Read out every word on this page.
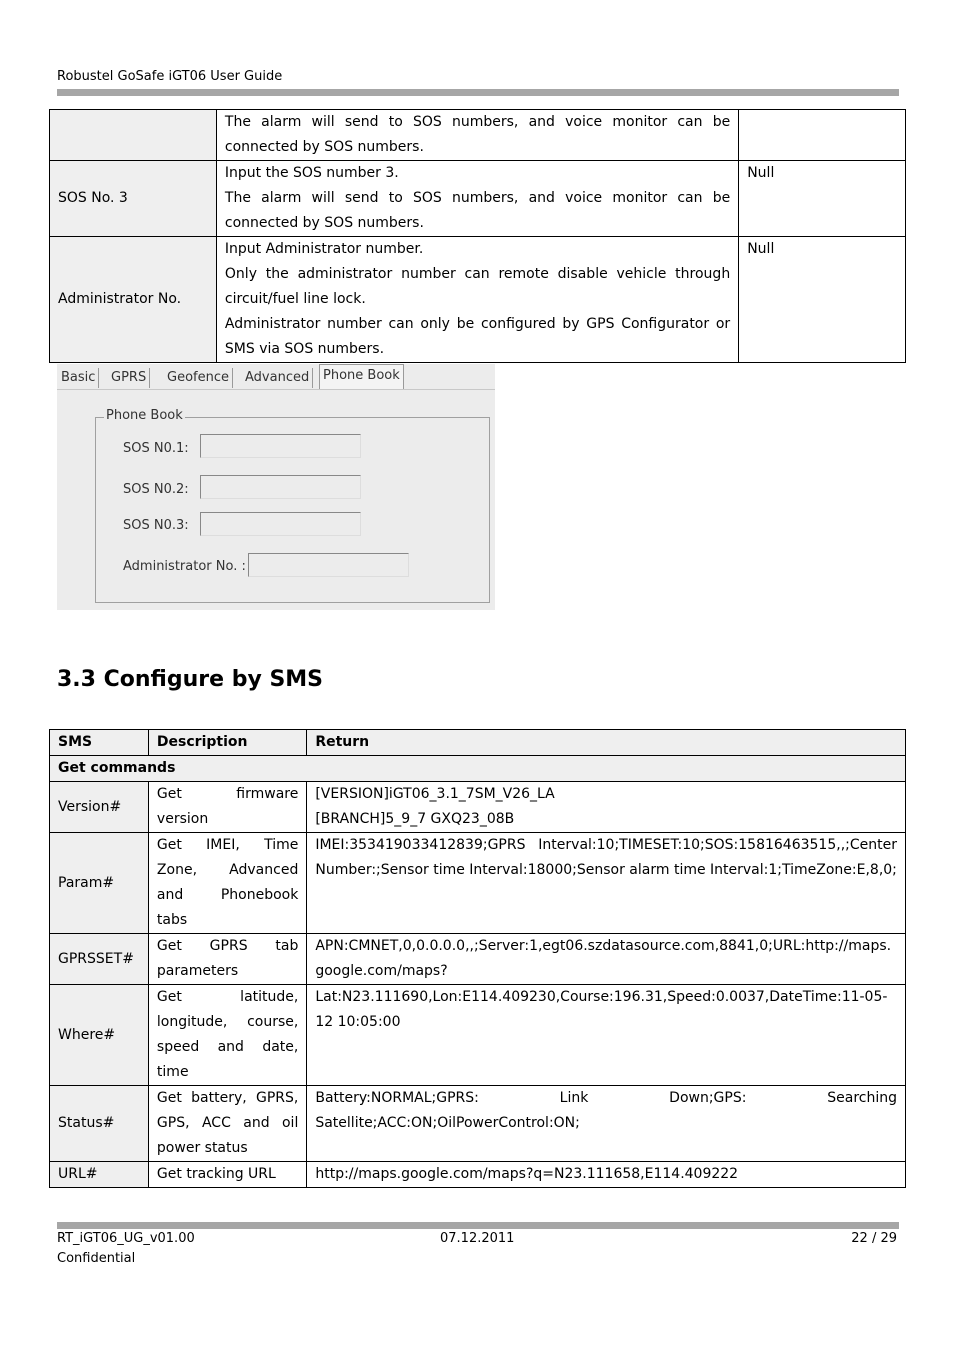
Robustel GoSafe iGT06 User Guide
	The alarm will send to SOS numbers, and voice monitor can be connected by SOS numbers.	
SOS No. 3	Input the SOS number 3.
The alarm will send to SOS numbers, and voice monitor can be connected by SOS numbers.	Null
Administrator No.	Input Administrator number.
Only the administrator number can remote disable vehicle through circuit/fuel line lock.
Administrator number can only be configured by GPS Configurator or SMS via SOS numbers.	Null
Basic	GPRS	Geofence	Advanced	Phone Book
Phone Book
SOS N0.1:
SOS N0.2:
SOS N0.3:
Administrator No. :
3.3 Configure by SMS
SMS	Description	Return
Get commands		
Version#	Get firmware version	[VERSION]iGT06_3.1_7SM_V26_LA
[BRANCH]5_9_7 GXQ23_08B

Param#	Get IMEI, Time Zone, Advanced and Phonebook tabs	IMEI:353419033412839;GPRS Interval:10;TIMESET:10;SOS:15816463515,,;Center Number:;Sensor time Interval:18000;Sensor alarm time Interval:1;TimeZone:E,8,0;
GPRSSET#	Get GPRS tab parameters	APN:CMNET,0,0.0.0.0,,;Server:1,egt06.szdatasource.com,8841,0;URL:http://maps.google.com/maps?
Where#	Get latitude, longitude, course, speed and date, time	Lat:N23.111690,Lon:E114.409230,Course:196.31,Speed:0.0037,DateTime:11-05-12 10:05:00
Status#	Get battery, GPRS, GPS, ACC and oil power status	Battery:NORMAL;GPRS: Link Down;GPS: Searching Satellite;ACC:ON;OilPowerControl:ON;
URL#	Get tracking URL	http://maps.google.com/maps?q=N23.111658,E114.409222
RT_iGT06_UG_v01.00
Confidential
07.12.2011	22 / 29
